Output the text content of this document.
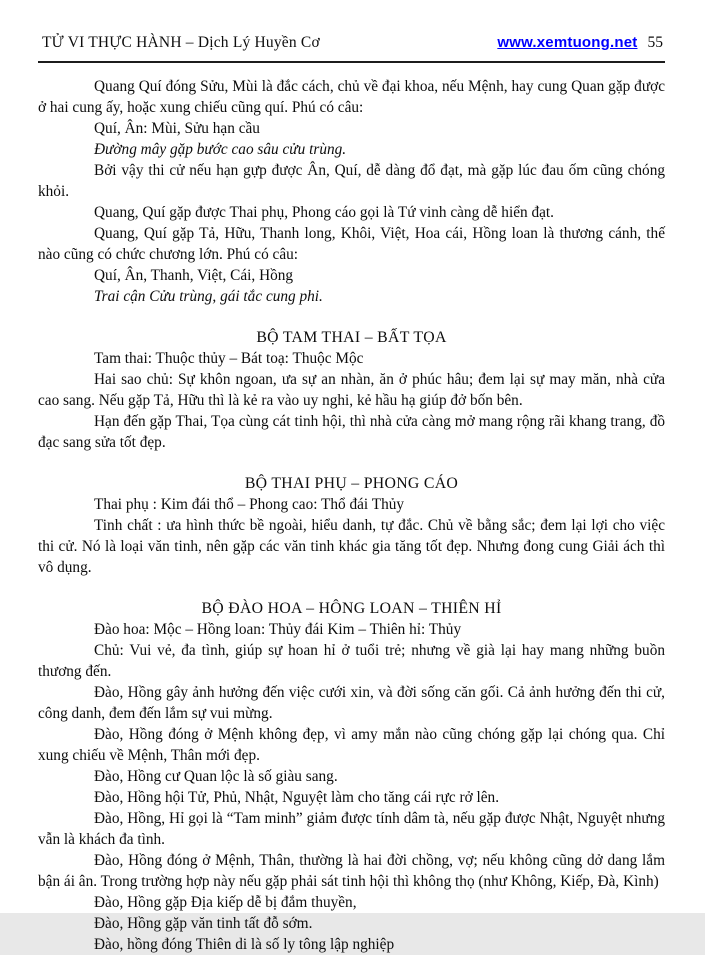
TỬ VI THỰC HÀNH – Dịch Lý Huyền Cơ	www.xemtuong.net 55

Quang Quí đóng Sửu, Mùi là đắc cách, chủ về đại khoa, nếu Mệnh, hay cung Quan gặp được ở hai cung ấy, hoặc xung chiếu cũng quí. Phú có câu:

Quí, Ân: Mùi, Sửu hạn cầu

Đường mây gặp bước cao sâu cửu trùng.

Bởi vậy thi cử nếu hạn gựp được Ân, Quí, dễ dàng đổ đạt, mà gặp lúc đau ốm cũng chóng khỏi.

Quang, Quí gặp được Thai phụ, Phong cáo gọi là Tứ vinh càng dễ hiển đạt.

Quang, Quí gặp Tả, Hữu, Thanh long, Khôi, Việt, Hoa cái, Hồng loan là thương cánh, thế nào cũng có chức chương lớn. Phú có câu:

Quí, Ân, Thanh, Việt, Cái, Hồng

Trai cận Cửu trùng, gái tắc cung phi.

BỘ TAM THAI – BẤT TỌA

Tam thai: Thuộc thủy – Bát toạ: Thuộc Mộc

Hai sao chủ: Sự khôn ngoan, ưa sự an nhàn, ăn ở phúc hâu; đem lại sự may măn, nhà cửa cao sang. Nếu gặp Tả, Hữu thì là kẻ ra vào uy nghi, kẻ hầu hạ giúp đở bốn bên.

Hạn đến gặp Thai, Tọa cùng cát tinh hội, thì nhà cửa càng mở mang rộng rãi khang trang, đồ đạc sang sửa tốt đẹp.

BỘ THAI PHỤ – PHONG CÁO

Thai phụ : Kim đái thổ – Phong cao: Thổ đái Thủy

Tinh chất : ưa hình thức bề ngoài, hiểu danh, tự đắc. Chủ về bằng sắc; đem lại lợi cho việc thi cử. Nó là loại văn tinh, nên gặp các văn tinh khác gia tăng tốt đẹp. Nhưng đong cung Giải ách thì vô dụng.

BỘ ĐÀO HOA – HÔNG LOAN – THIÊN HỈ

Đào hoa: Mộc – Hồng loan: Thủy đái Kim – Thiên hỉ: Thủy

Chủ: Vui vẻ, đa tình, giúp sự hoan hỉ ở tuổi trẻ; nhưng về già lại hay mang những buồn thương đến.

Đào, Hồng gây ảnh hưởng đến việc cưới xin, và đời sống căn gối. Cả ảnh hưởng đến thi cử, công danh, đem đến lắm sự vui mừng.

Đào, Hồng đóng ở Mệnh không đẹp, vì amy mắn nào cũng chóng gặp lại chóng qua. Chỉ xung chiếu về Mệnh, Thân mới đẹp.

Đào, Hồng cư Quan lộc là số giàu sang.

Đào, Hồng hội Tử, Phủ, Nhật, Nguyệt làm cho tăng cái rực rở lên.

Đào, Hồng, Hỉ gọi là “Tam minh” giảm được tính dâm tà, nếu gặp được Nhật, Nguyệt nhưng vẫn là khách đa tình.

Đào, Hồng đóng ở Mệnh, Thân, thường là hai đời chồng, vợ; nếu không cũng dở dang lắm bận ái ân. Trong trường hợp này nếu gặp phải sát tinh hội thì không thọ (như Không, Kiếp, Đà, Kình)

Đào, Hồng gặp Địa kiếp dễ bị đắm thuyền,

Đào, Hồng gặp văn tinh tất đỗ sớm.

Đào, hồng đóng Thiên di là số ly tông lập nghiệp
